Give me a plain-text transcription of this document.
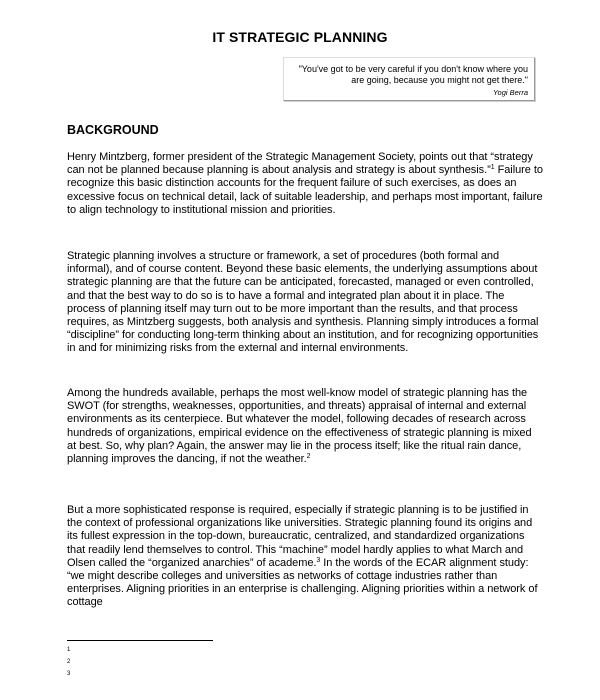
IT STRATEGIC PLANNING
"You've got to be very careful if you don't know where you are going, because you might not get there."
Yogi Berra
BACKGROUND

Henry Mintzberg, former president of the Strategic Management Society, points out that “strategy can not be planned because planning is about analysis and strategy is about synthesis.”$^1$ Failure to recognize this basic distinction accounts for the frequent failure of such exercises, as does an excessive focus on technical detail, lack of suitable leadership, and perhaps most important, failure to align technology to institutional mission and priorities.

Strategic planning involves a structure or framework, a set of procedures (both formal and informal), and of course content. Beyond these basic elements, the underlying assumptions about strategic planning are that the future can be anticipated, forecasted, managed or even controlled, and that the best way to do so is to have a formal and integrated plan about it in place. The process of planning itself may turn out to be more important than the results, and that process requires, as Mintzberg suggests, both analysis and synthesis. Planning simply introduces a formal “discipline” for conducting long-term thinking about an institution, and for recognizing opportunities in and for minimizing risks from the external and internal environments.

Among the hundreds available, perhaps the most well-know model of strategic planning has the SWOT (for strengths, weaknesses, opportunities, and threats) appraisal of internal and external environments as its centerpiece. But whatever the model, following decades of research across hundreds of organizations, empirical evidence on the effectiveness of strategic planning is mixed at best. So, why plan? Again, the answer may lie in the process itself; like the ritual rain dance, planning improves the dancing, if not the weather.$^2$

But a more sophisticated response is required, especially if strategic planning is to be justified in the context of professional organizations like universities. Strategic planning found its origins and its fullest expression in the top-down, bureaucratic, centralized, and standardized organizations that readily lend themselves to control. This “machine” model hardly applies to what March and Olsen called the “organized anarchies” of academe.$^3$ In the words of the ECAR alignment study: “we might describe colleges and universities as networks of cottage industries rather than enterprises. Aligning priorities in an enterprise is challenging. Aligning priorities within a network of cottage

1
2
3
